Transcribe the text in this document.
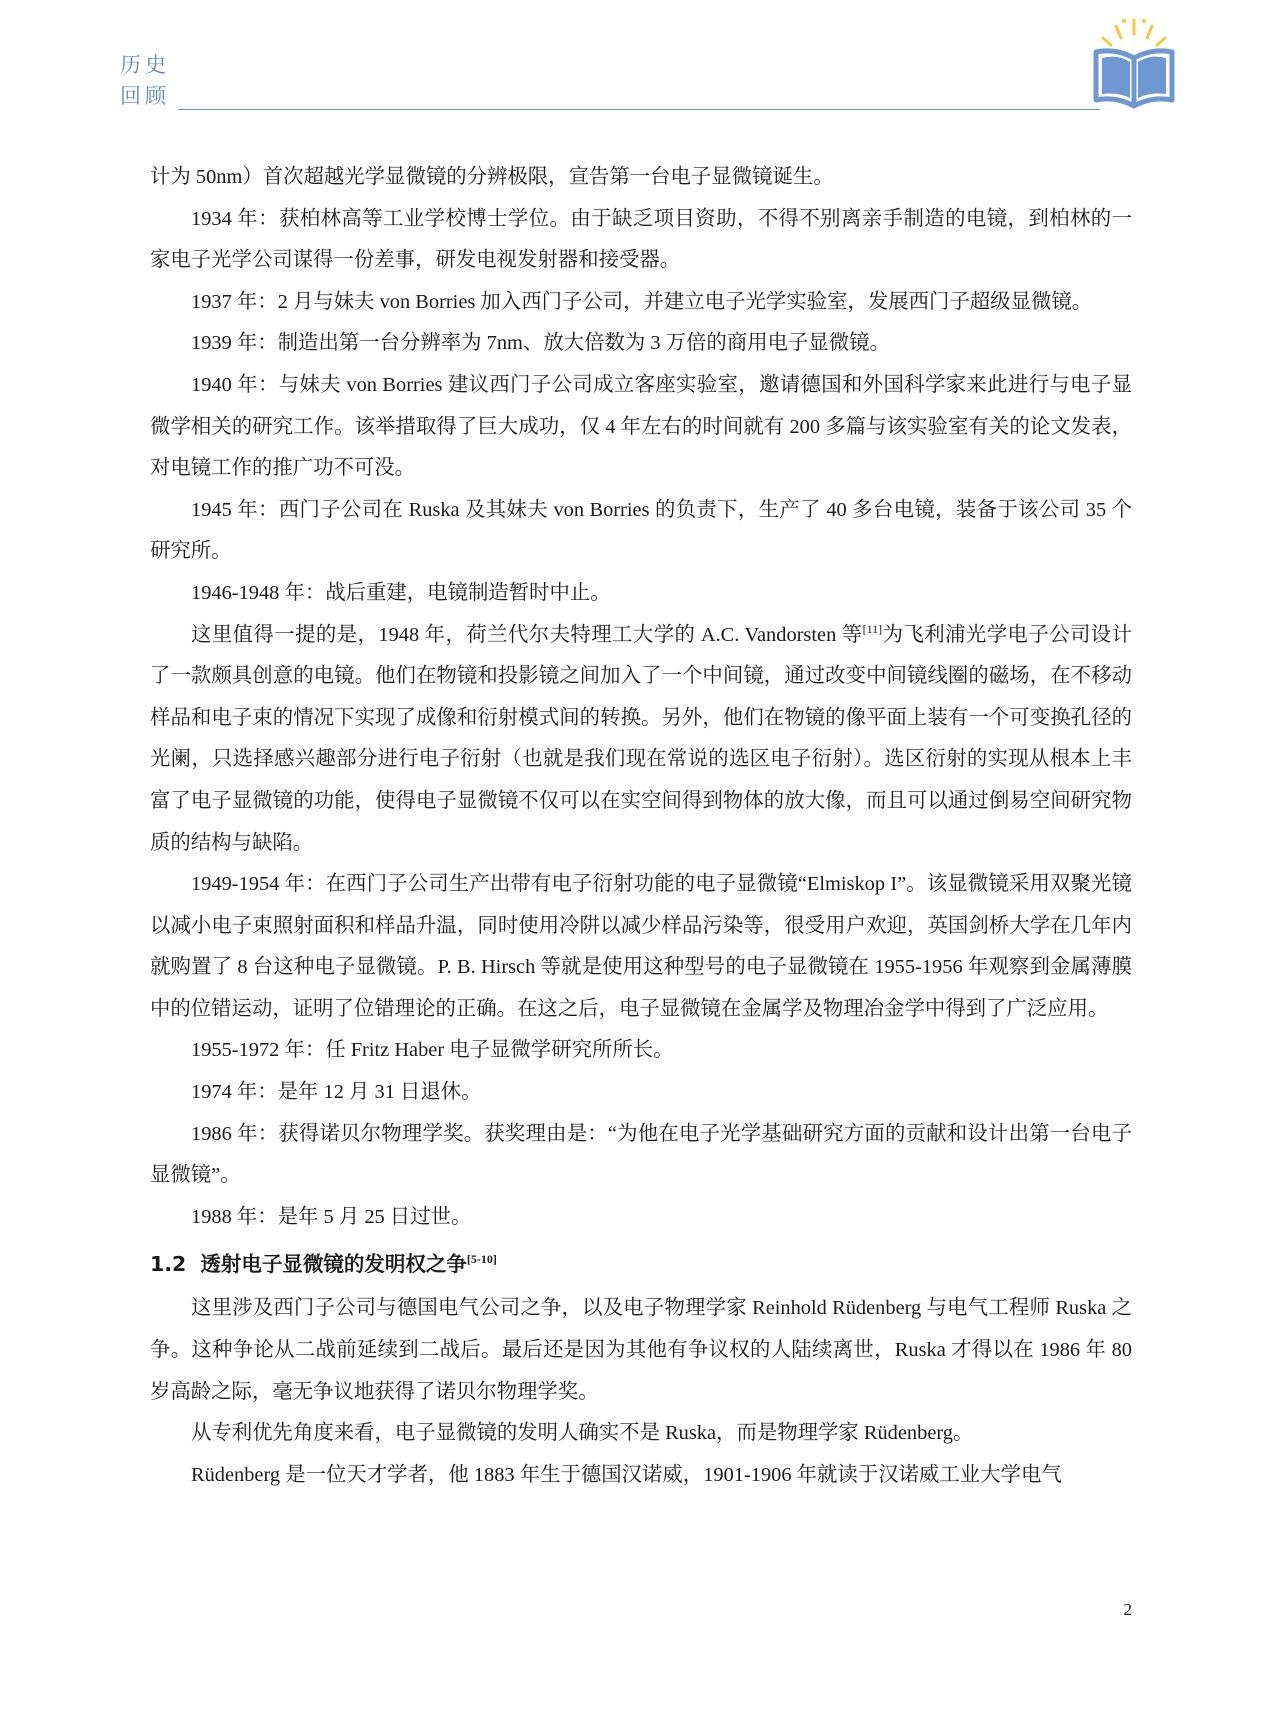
历史
回顾

计为 50nm）首次超越光学显微镜的分辨极限，宣告第一台电子显微镜诞生。

1934 年：获柏林高等工业学校博士学位。由于缺乏项目资助，不得不别离亲手制造的电镜，到柏林的一家电子光学公司谋得一份差事，研发电视发射器和接受器。

1937 年：2 月与妹夫 von Borries 加入西门子公司，并建立电子光学实验室，发展西门子超级显微镜。

1939 年：制造出第一台分辨率为 7nm、放大倍数为 3 万倍的商用电子显微镜。

1940 年：与妹夫 von Borries 建议西门子公司成立客座实验室，邀请德国和外国科学家来此进行与电子显微学相关的研究工作。该举措取得了巨大成功，仅 4 年左右的时间就有 200 多篇与该实验室有关的论文发表，对电镜工作的推广功不可没。

1945 年：西门子公司在 Ruska 及其妹夫 von Borries 的负责下，生产了 40 多台电镜，装备于该公司 35 个研究所。

1946-1948 年：战后重建，电镜制造暂时中止。

这里值得一提的是，1948 年，荷兰代尔夫特理工大学的 A.C. Vandorsten 等[11]为飞利浦光学电子公司设计了一款颇具创意的电镜。他们在物镜和投影镜之间加入了一个中间镜，通过改变中间镜线圈的磁场，在不移动样品和电子束的情况下实现了成像和衍射模式间的转换。另外，他们在物镜的像平面上装有一个可变换孔径的光阑，只选择感兴趣部分进行电子衍射（也就是我们现在常说的选区电子衍射）。选区衍射的实现从根本上丰富了电子显微镜的功能，使得电子显微镜不仅可以在实空间得到物体的放大像，而且可以通过倒易空间研究物质的结构与缺陷。

1949-1954 年：在西门子公司生产出带有电子衍射功能的电子显微镜“Elmiskop I”。该显微镜采用双聚光镜以减小电子束照射面积和样品升温，同时使用冷阱以减少样品污染等，很受用户欢迎，英国剑桥大学在几年内就购置了 8 台这种电子显微镜。P. B. Hirsch 等就是使用这种型号的电子显微镜在 1955-1956 年观察到金属薄膜中的位错运动，证明了位错理论的正确。在这之后，电子显微镜在金属学及物理冶金学中得到了广泛应用。

1955-1972 年：任 Fritz Haber 电子显微学研究所所长。

1974 年：是年 12 月 31 日退休。

1986 年：获得诺贝尔物理学奖。获奖理由是：“为他在电子光学基础研究方面的贡献和设计出第一台电子显微镜”。

1988 年：是年 5 月 25 日过世。

1.2 透射电子显微镜的发明权之争[5-10]

这里涉及西门子公司与德国电气公司之争，以及电子物理学家 Reinhold Rüdenberg 与电气工程师 Ruska 之争。这种争论从二战前延续到二战后。最后还是因为其他有争议权的人陆续离世，Ruska 才得以在 1986 年 80 岁高龄之际，毫无争议地获得了诺贝尔物理学奖。

从专利优先角度来看，电子显微镜的发明人确实不是 Ruska，而是物理学家 Rüdenberg。

Rüdenberg 是一位天才学者，他 1883 年生于德国汉诺威，1901-1906 年就读于汉诺威工业大学电气

2
